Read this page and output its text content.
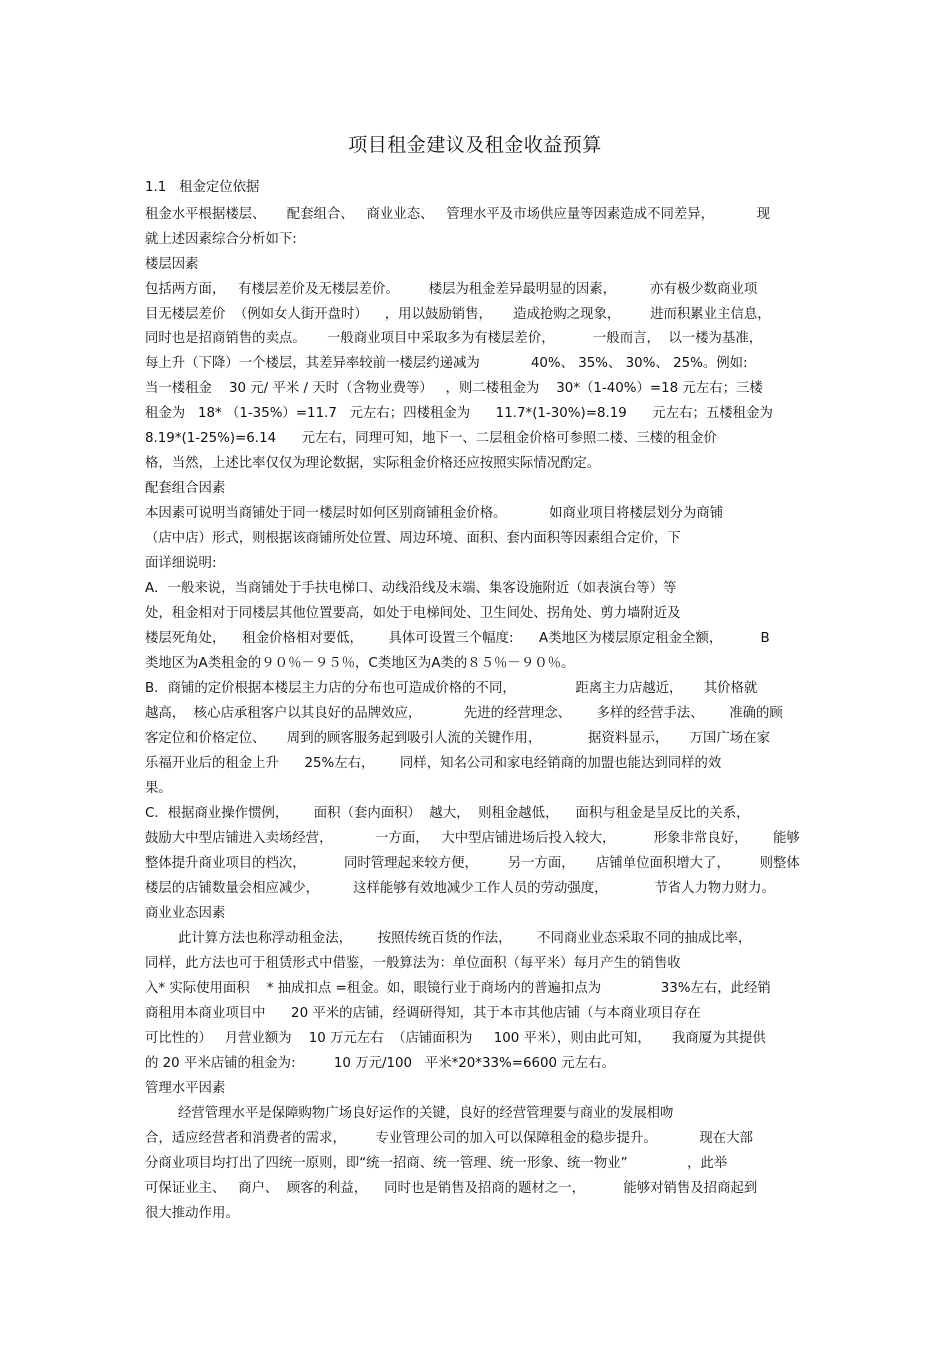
项目租金建议及租金收益预算
1.1   租金定位依据
租金水平根据楼层、     配套组合、   商业业态、   管理水平及市场供应量等因素造成不同差异，          现
就上述因素综合分析如下:
楼层因素
包括两方面，   有楼层差价及无楼层差价。       楼层为租金差异最明显的因素，        亦有极少数商业项
目无楼层差价  （例如女人街开盘时）    ，用以鼓励销售，     造成抢购之现象，       进而积累业主信息，
同时也是招商销售的卖点。     一般商业项目中采取多为有楼层差价，         一般而言，  以一楼为基准，
每上升（下降）一个楼层，其差异率较前一楼层约递减为            40%、 35%、 30%、 25%。例如:
当一楼租金    30 元/ 平米 / 天时（含物业费等）   ，则二楼租金为    30*（1-40%）=18 元左右；三楼
租金为   18* （1-35%）=11.7   元左右；四楼租金为      11.7*(1-30%)=8.19      元左右；五楼租金为
8.19*(1-25%)=6.14      元左右，同理可知，地下一、二层租金价格可参照二楼、三楼的租金价
格，当然，上述比率仅仅为理论数据，实际租金价格还应按照实际情况酌定。
配套组合因素
本因素可说明当商铺处于同一楼层时如何区别商铺租金价格。          如商业项目将楼层划分为商铺
（店中店）形式，则根据该商铺所处位置、周边环境、面积、套内面积等因素组合定价，下
面详细说明:
A．一般来说，当商铺处于手扶电梯口、动线沿线及末端、集客设施附近（如表演台等）等
处，租金相对于同楼层其他位置要高，如处于电梯间处、卫生间处、拐角处、剪力墙附近及
楼层死角处，    租金价格相对要低，      具体可设置三个幅度:      A类地区为楼层原定租金全额，         B
类地区为A类租金的９０％－９５％，C类地区为A类的８５％－９０％。
B．商铺的定价根据本楼层主力店的分布也可造成价格的不同，              距离主力店越近，     其价格就
越高，  核心店承租客户以其良好的品牌效应，          先进的经营理念、      多样的经营手法、      准确的顾
客定位和价格定位、     周到的顾客服务起到吸引人流的关键作用，           据资料显示，     万国广场在家
乐福开业后的租金上升      25%左右，      同样，知名公司和家电经销商的加盟也能达到同样的效
果。
C．根据商业操作惯例，      面积（套内面积）  越大，  则租金越低，    面积与租金是呈反比的关系，
鼓励大中型店铺进入卖场经营，          一方面，   大中型店铺进场后投入较大，         形象非常良好，      能够
整体提升商业项目的档次，         同时管理起来较方便，       另一方面，     店铺单位面积增大了，       则整体
楼层的店铺数量会相应减少，        这样能够有效地减少工作人员的劳动强度，           节省人力物力财力。
商业业态因素
此计算方法也称浮动租金法，      按照传统百货的作法，      不同商业业态采取不同的抽成比率，
同样，此方法也可于租赁形式中借鉴，一般算法为：单位面积（每平米）每月产生的销售收
入* 实际使用面积    * 抽成扣点 =租金。如，眼镜行业于商场内的普遍扣点为              33%左右，此经销
商租用本商业项目中      20 平米的店铺，经调研得知，其于本市其他店铺（与本商业项目存在
可比性的）   月营业额为    10 万元左右  （店铺面积为     100 平米），则由此可知，     我商厦为其提供
的 20 平米店铺的租金为:         10 万元/100   平米*20*33%=6600 元左右。
管理水平因素
经营管理水平是保障购物广场良好运作的关键，良好的经营管理要与商业的发展相吻
合，适应经营者和消费者的需求，       专业管理公司的加入可以保障租金的稳步提升。          现在大部
分商业项目均打出了四统一原则，即“统一招商、统一管理、统一形象、统一物业”              ，此举
可保证业主、   商户、  顾客的利益，    同时也是销售及招商的题材之一，         能够对销售及招商起到
很大推动作用。
